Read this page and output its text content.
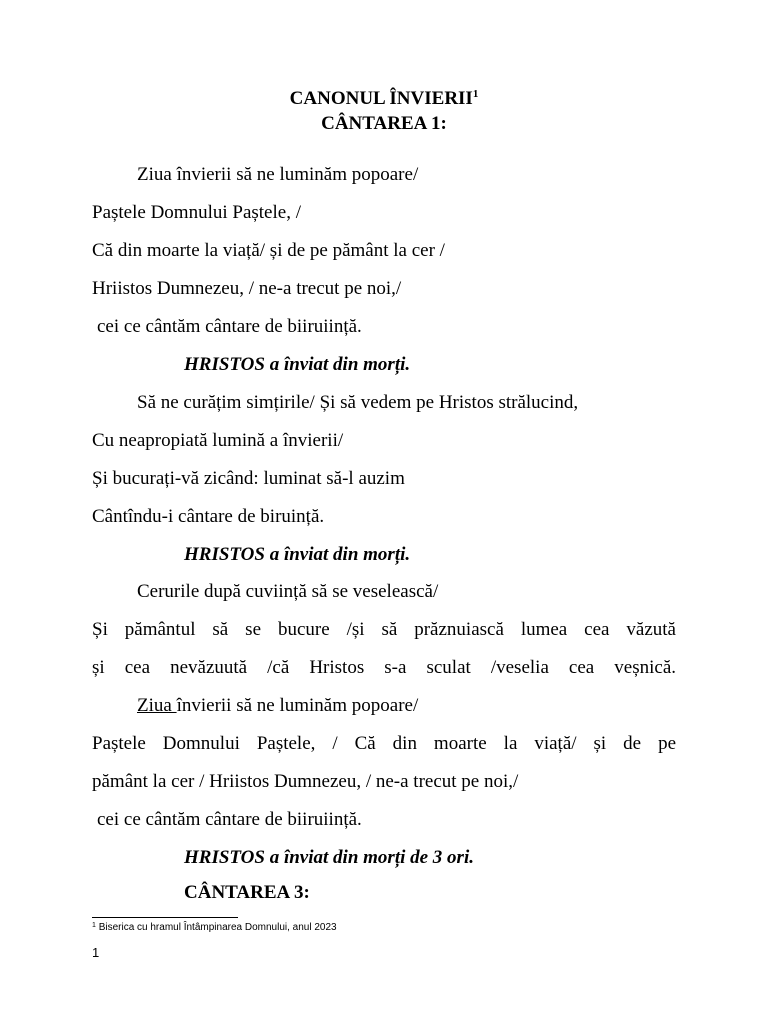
CANONUL ÎNVIERII$^1$
CÂNTAREA 1:
Ziua învierii să ne luminăm popoare/
Paștele Domnului Paștele, /
Că din moarte la viață/ și de pe pământ la cer /
Hriistos Dumnezeu, / ne-a trecut pe noi,/
cei ce cântăm cântare de biiruiință.
HRISTOS a înviat din morți.
Să ne curățim simțirile/ Și să vedem pe Hristos strălucind,
Cu neapropiată lumină a învierii/
Și bucurați-vă zicând: luminat să-l auzim
Cântîndu-i cântare de biruință.
HRISTOS a înviat din morți.
Cerurile după cuviință să se veselească/
Și pământul să se bucure /și să prăznuiască lumea cea văzută
și cea nevăzuută /că Hristos s-a sculat /veselia cea veșnică.
Ziua învierii să ne luminăm popoare/
Paștele Domnului Paștele, / Că din moarte la viață/ și de pe
pământ la cer / Hriistos Dumnezeu, / ne-a trecut pe noi,/
cei ce cântăm cântare de biiruiință.
HRISTOS a înviat din morți de 3 ori.
CÂNTAREA 3:
$^1$ Biserica cu hramul Întâmpinarea Domnului, anul 2023
1
